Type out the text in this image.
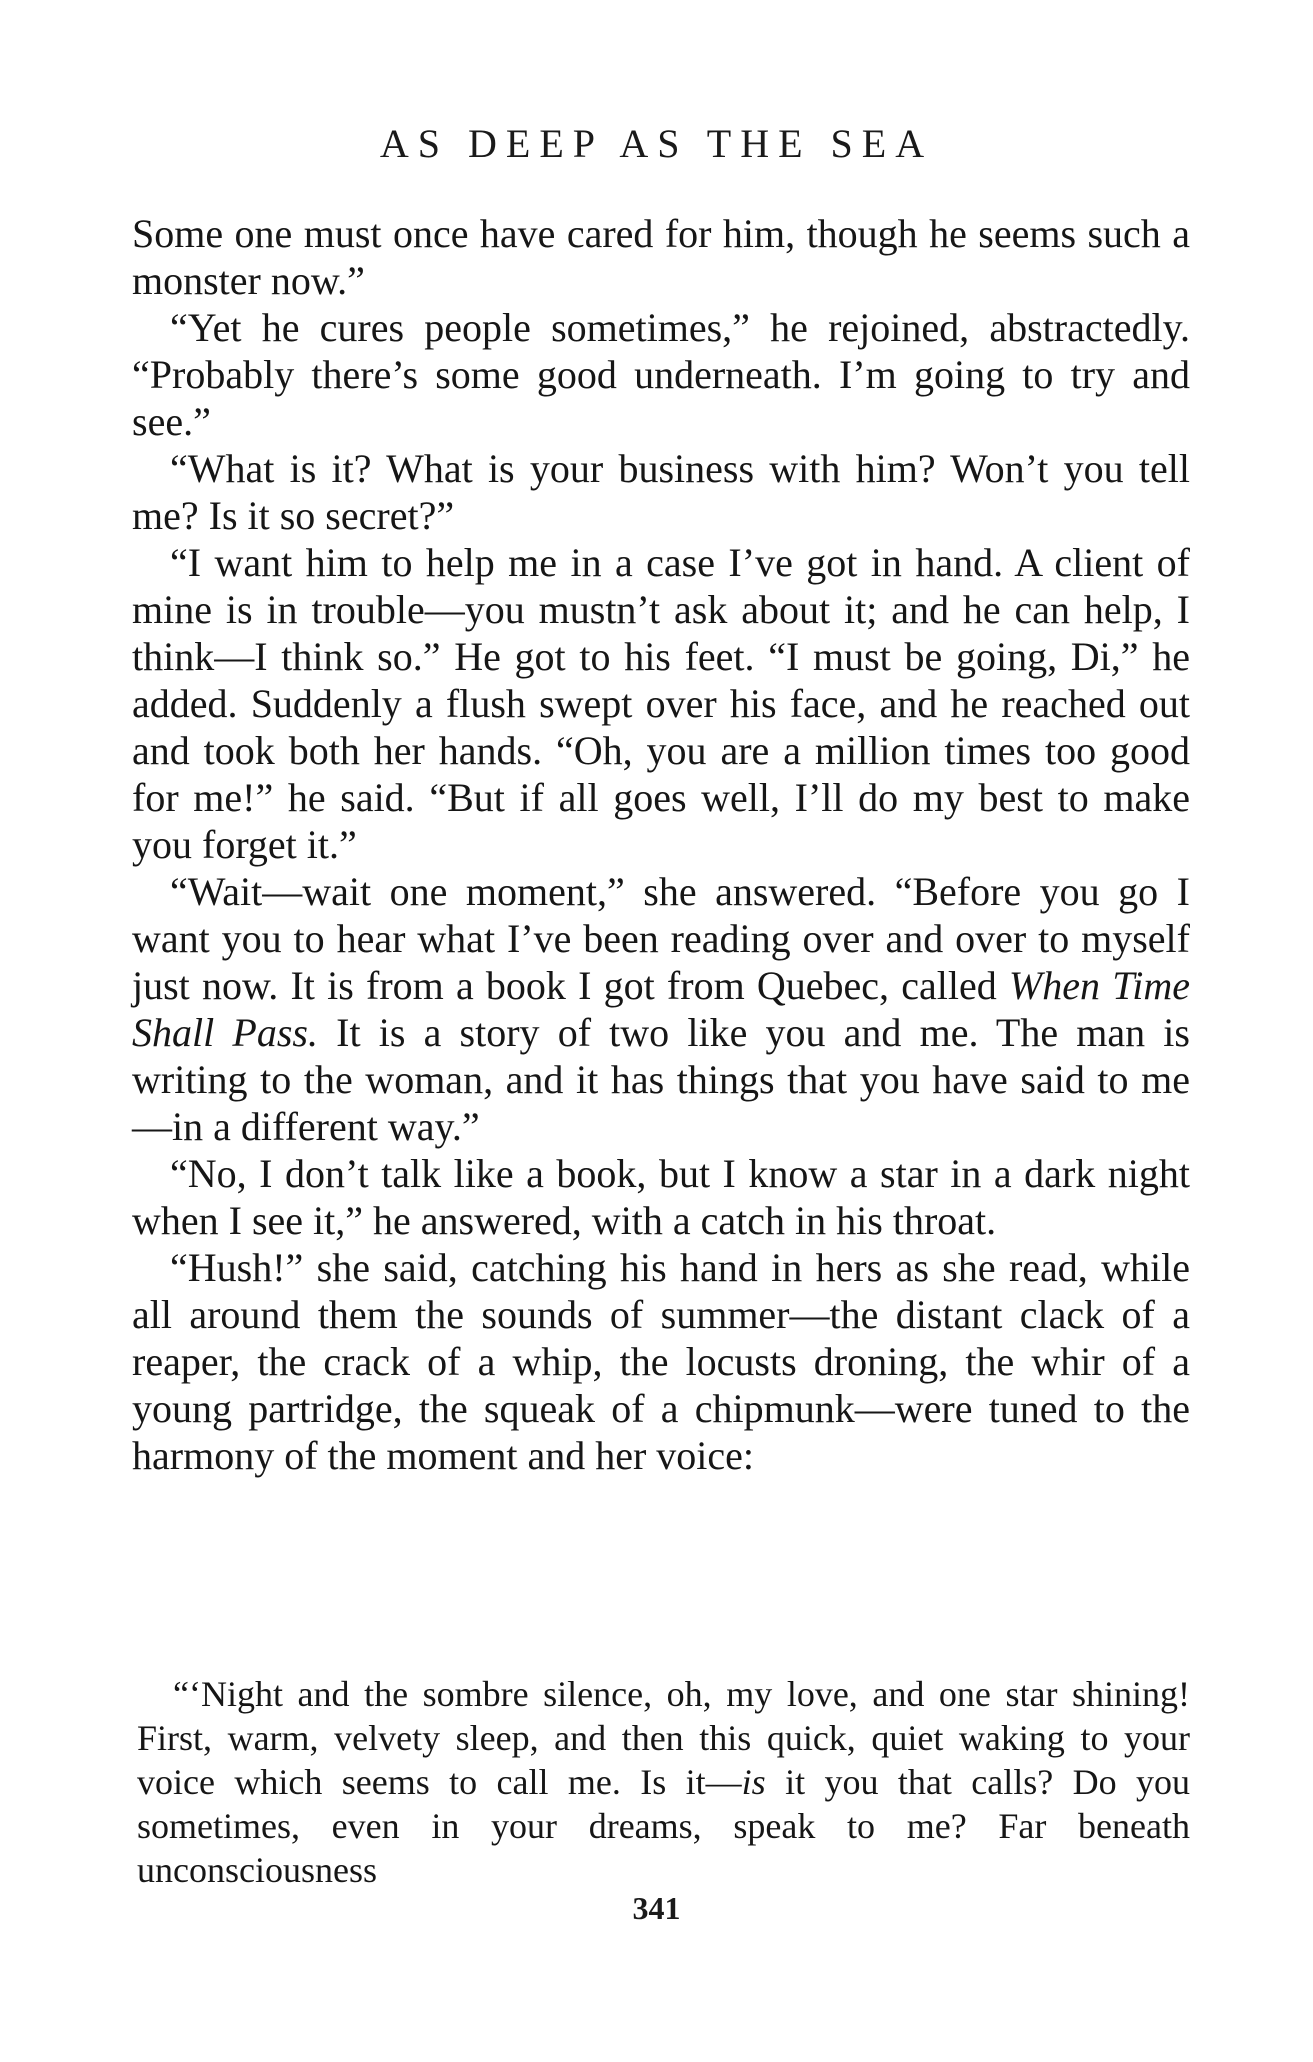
AS DEEP AS THE SEA

Some one must once have cared for him, though he seems such a monster now.”

“Yet he cures people sometimes,” he rejoined, abstractedly. “Probably there’s some good underneath. I’m going to try and see.”

“What is it? What is your business with him? Won’t you tell me? Is it so secret?”

“I want him to help me in a case I’ve got in hand. A client of mine is in trouble—you mustn’t ask about it; and he can help, I think—I think so.” He got to his feet. “I must be going, Di,” he added. Suddenly a flush swept over his face, and he reached out and took both her hands. “Oh, you are a million times too good for me!” he said. “But if all goes well, I’ll do my best to make you forget it.”

“Wait—wait one moment,” she answered. “Before you go I want you to hear what I’ve been reading over and over to myself just now. It is from a book I got from Quebec, called When Time Shall Pass. It is a story of two like you and me. The man is writing to the woman, and it has things that you have said to me —in a different way.”

“No, I don’t talk like a book, but I know a star in a dark night when I see it,” he answered, with a catch in his throat.

“Hush!” she said, catching his hand in hers as she read, while all around them the sounds of summer—the distant clack of a reaper, the crack of a whip, the locusts droning, the whir of a young partridge, the squeak of a chipmunk—were tuned to the harmony of the moment and her voice:

“‘Night and the sombre silence, oh, my love, and one star shining! First, warm, velvety sleep, and then this quick, quiet waking to your voice which seems to call me. Is it—is it you that calls? Do you sometimes, even in your dreams, speak to me? Far beneath unconsciousness

341
